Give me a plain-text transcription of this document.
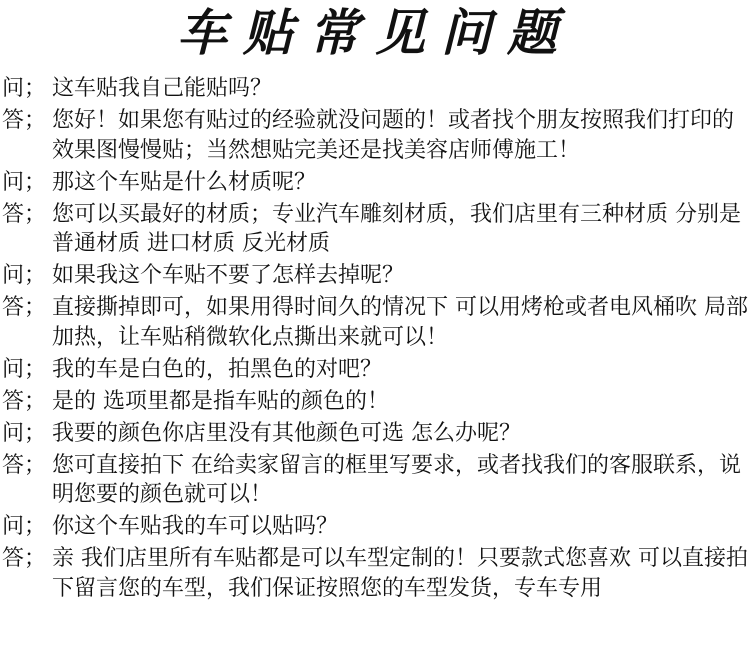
车贴常见问题
问； 这车贴我自己能贴吗？
答； 您好！如果您有贴过的经验就没问题的！或者找个朋友按照我们打印的效果图慢慢贴；当然想贴完美还是找美容店师傅施工！
问； 那这个车贴是什么材质呢？
答； 您可以买最好的材质；专业汽车雕刻材质，我们店里有三种材质 分别是普通材质 进口材质 反光材质
问； 如果我这个车贴不要了怎样去掉呢？
答； 直接撕掉即可，如果用得时间久的情况下 可以用烤枪或者电风桶吹 局部加热，让车贴稍微软化点撕出来就可以！
问； 我的车是白色的，拍黑色的对吧？
答； 是的 选项里都是指车贴的颜色的！
问； 我要的颜色你店里没有其他颜色可选 怎么办呢？
答； 您可直接拍下 在给卖家留言的框里写要求，或者找我们的客服联系，说明您要的颜色就可以！
问； 你这个车贴我的车可以贴吗？
答； 亲 我们店里所有车贴都是可以车型定制的！只要款式您喜欢 可以直接拍下留言您的车型，我们保证按照您的车型发货，专车专用
